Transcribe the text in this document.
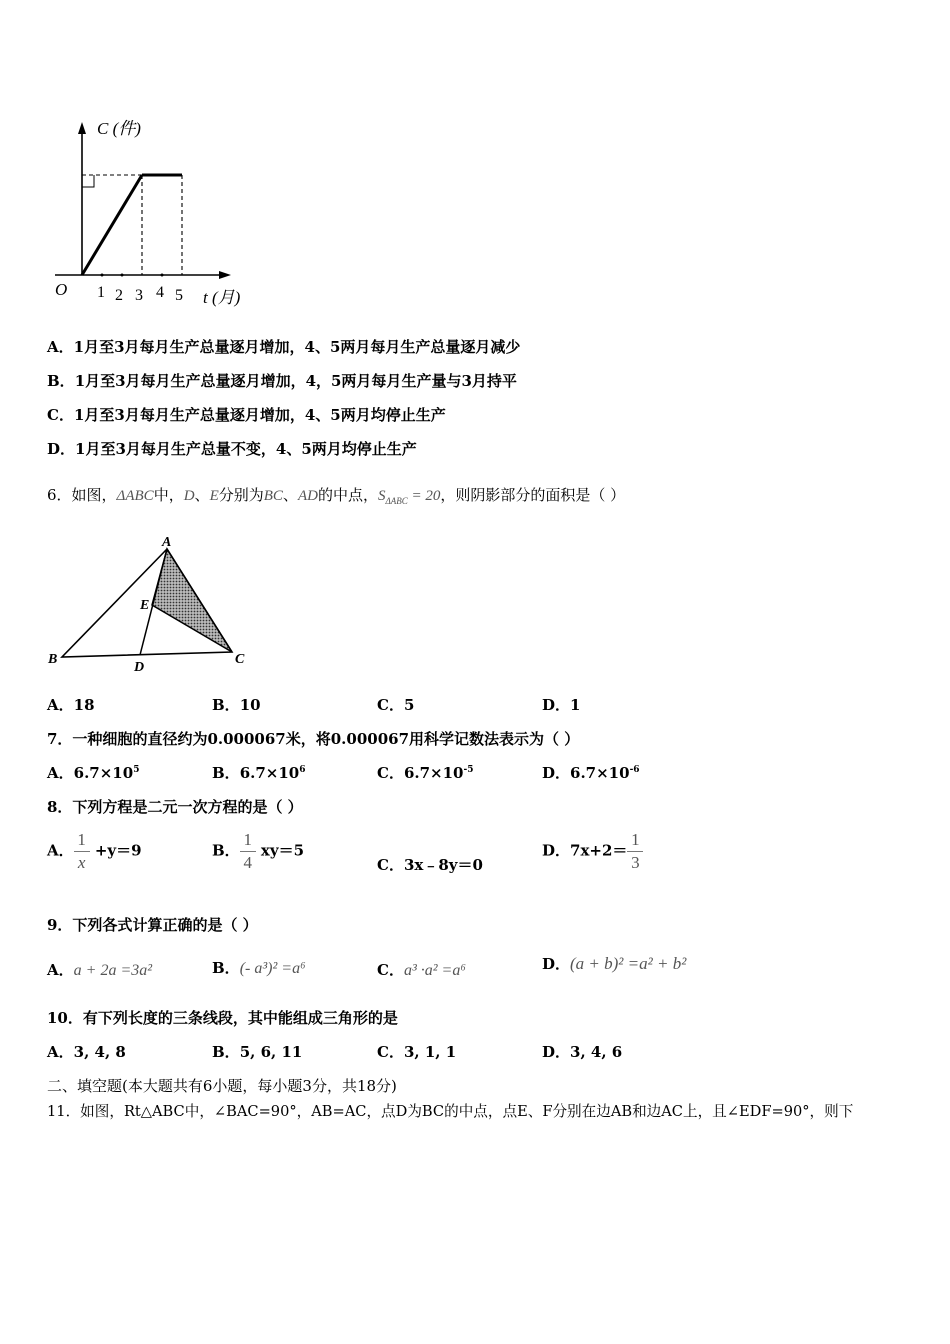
C (件)
O 1 2 3 4 5 t (月)
A．1月至3月每月生产总量逐月增加，4、5两月每月生产总量逐月减少
B．1月至3月每月生产总量逐月增加，4，5两月每月生产量与3月持平
C．1月至3月每月生产总量逐月增加，4、5两月均停止生产
D．1月至3月每月生产总量不变，4、5两月均停止生产
6．如图，ΔABC中，D、E分别为BC、AD的中点，$S_{\Delta ABC} = 20$，则阴影部分的面积是（ ）
A
B	C
D
E
A．18	B．10	C．5	D．1
7．一种细胞的直径约为0.000067米，将0.000067用科学记数法表示为（ ）
A．$6.7\times 10^5$	B．$6.7\times 10^6$	C．$6.7\times 10^{-5}$	D．$6.7\times 10^{-6}$
8．下列方程是二元一次方程的是（ ）
A．$\frac{1}{x} +y=9$	B．$\frac{1}{4} xy=5$
C．3x﹣8y＝0
D．$7x+2=\frac{1}{3}$
9．下列各式计算正确的是（ ）
A．a + 2a =3a²	B．(- a³)² =a⁶	C．a³ ·a² =a⁶	D．(a + b)² =a² + b²
10．有下列长度的三条线段，其中能组成三角形的是
A．3, 4, 8	B．5, 6, 11	C．3, 1, 1	D．3, 4, 6
二、填空题(本大题共有6小题，每小题3分，共18分)
11．如图，Rt△ABC中，∠BAC=90°，AB=AC，点D为BC的中点，点E、F分别在边AB和边AC上，且∠EDF=90°，则下
